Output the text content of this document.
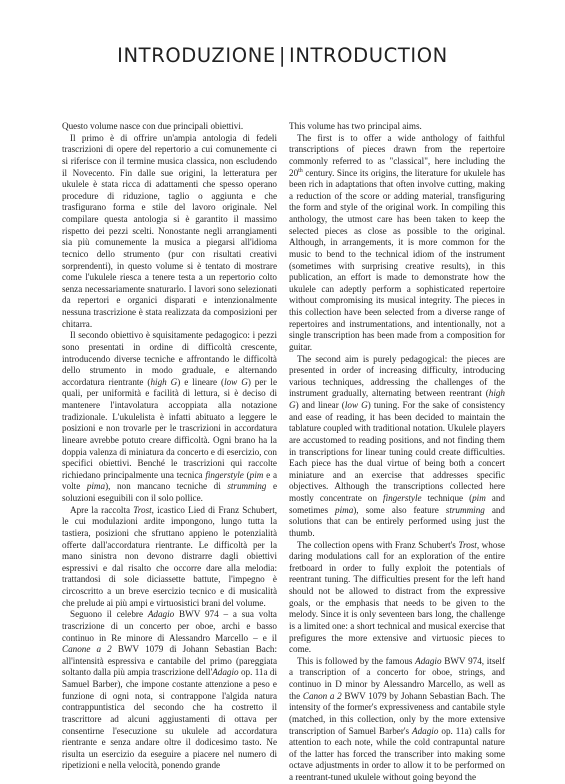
INTRODUZIONE | INTRODUCTION

Questo volume nasce con due principali obiettivi.

Il primo è di offrire un'ampia antologia di fedeli trascrizioni di opere del repertorio a cui comunemente ci si riferisce con il termine musica classica, non escludendo il Novecento. Fin dalle sue origini, la letteratura per ukulele è stata ricca di adattamenti che spesso operano procedure di riduzione, taglio o aggiunta e che trasfigurano forma e stile del lavoro originale. Nel compilare questa antologia si è garantito il massimo rispetto dei pezzi scelti. Nonostante negli arrangiamenti sia più comunemente la musica a piegarsi all'idioma tecnico dello strumento (pur con risultati creativi sorprendenti), in questo volume si è tentato di mostrare come l'ukulele riesca a tenere testa a un repertorio colto senza necessariamente snaturarlo. I lavori sono selezionati da repertori e organici disparati e intenzionalmente nessuna trascrizione è stata realizzata da composizioni per chitarra.

Il secondo obiettivo è squisitamente pedagogico: i pezzi sono presentati in ordine di difficoltà crescente, introducendo diverse tecniche e affrontando le difficoltà dello strumento in modo graduale, e alternando accordatura rientrante (high G) e lineare (low G) per le quali, per uniformità e facilità di lettura, si è deciso di mantenere l'intavolatura accoppiata alla notazione tradizionale. L'ukulelista è infatti abituato a leggere le posizioni e non trovarle per le trascrizioni in accordatura lineare avrebbe potuto creare difficoltà. Ogni brano ha la doppia valenza di miniatura da concerto e di esercizio, con specifici obiettivi. Benché le trascrizioni qui raccolte richiedano principalmente una tecnica fingerstyle (pim e a volte pima), non mancano tecniche di strumming e soluzioni eseguibili con il solo pollice.

Apre la raccolta Trost, icastico Lied di Franz Schubert, le cui modulazioni ardite impongono, lungo tutta la tastiera, posizioni che sfruttano appieno le potenzialità offerte dall'accordatura rientrante. Le difficoltà per la mano sinistra non devono distrarre dagli obiettivi espressivi e dal risalto che occorre dare alla melodia: trattandosi di sole diciassette battute, l'impegno è circoscritto a un breve esercizio tecnico e di musicalità che prelude ai più ampi e virtuosistici brani del volume.

Seguono il celebre Adagio BWV 974 – a sua volta trascrizione di un concerto per oboe, archi e basso continuo in Re minore di Alessandro Marcello – e il Canone a 2 BWV 1079 di Johann Sebastian Bach: all'intensità espressiva e cantabile del primo (pareggiata soltanto dalla più ampia trascrizione dell'Adagio op. 11a di Samuel Barber), che impone costante attenzione a peso e funzione di ogni nota, si contrappone l'algida natura contrappuntistica del secondo che ha costretto il trascrittore ad alcuni aggiustamenti di ottava per consentirne l'esecuzione su ukulele ad accordatura rientrante e senza andare oltre il dodicesimo tasto. Ne risulta un esercizio da eseguire a piacere nel numero di ripetizioni e nella velocità, ponendo grande

This volume has two principal aims.

The first is to offer a wide anthology of faithful transcriptions of pieces drawn from the repertoire commonly referred to as "classical", here including the 20th century. Since its origins, the literature for ukulele has been rich in adaptations that often involve cutting, making a reduction of the score or adding material, transfiguring the form and style of the original work. In compiling this anthology, the utmost care has been taken to keep the selected pieces as close as possible to the original. Although, in arrangements, it is more common for the music to bend to the technical idiom of the instrument (sometimes with surprising creative results), in this publication, an effort is made to demonstrate how the ukulele can adeptly perform a sophisticated repertoire without compromising its musical integrity. The pieces in this collection have been selected from a diverse range of repertoires and instrumentations, and intentionally, not a single transcription has been made from a composition for guitar.

The second aim is purely pedagogical: the pieces are presented in order of increasing difficulty, introducing various techniques, addressing the challenges of the instrument gradually, alternating between reentrant (high G) and linear (low G) tuning. For the sake of consistency and ease of reading, it has been decided to maintain the tablature coupled with traditional notation. Ukulele players are accustomed to reading positions, and not finding them in transcriptions for linear tuning could create difficulties. Each piece has the dual virtue of being both a concert miniature and an exercise that addresses specific objectives. Although the transcriptions collected here mostly concentrate on fingerstyle technique (pim and sometimes pima), some also feature strumming and solutions that can be entirely performed using just the thumb.

The collection opens with Franz Schubert's Trost, whose daring modulations call for an exploration of the entire fretboard in order to fully exploit the potentials of reentrant tuning. The difficulties present for the left hand should not be allowed to distract from the expressive goals, or the emphasis that needs to be given to the melody. Since it is only seventeen bars long, the challenge is a limited one: a short technical and musical exercise that prefigures the more extensive and virtuosic pieces to come.

This is followed by the famous Adagio BWV 974, itself a transcription of a concerto for oboe, strings, and continuo in D minor by Alessandro Marcello, as well as the Canon a 2 BWV 1079 by Johann Sebastian Bach. The intensity of the former's expressiveness and cantabile style (matched, in this collection, only by the more extensive transcription of Samuel Barber's Adagio op. 11a) calls for attention to each note, while the cold contrapuntal nature of the latter has forced the transcriber into making some octave adjustments in order to allow it to be performed on a reentrant-tuned ukulele without going beyond the
